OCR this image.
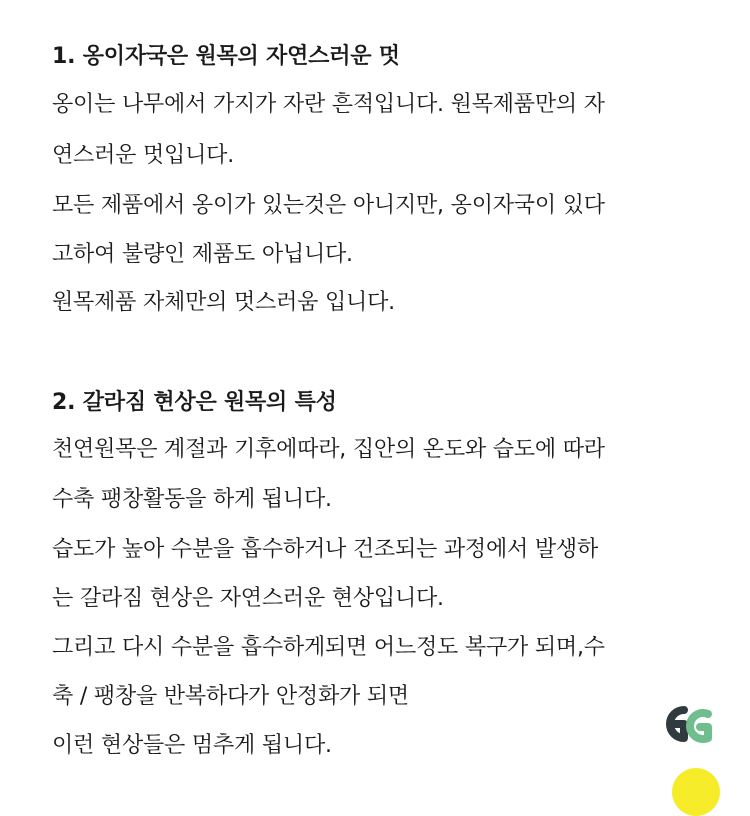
1. 옹이자국은 원목의 자연스러운 멋
옹이는 나무에서 가지가 자란 흔적입니다. 원목제품만의 자
연스러운 멋입니다.
모든 제품에서 옹이가 있는것은 아니지만, 옹이자국이 있다
고하여 불량인 제품도 아닙니다.
원목제품 자체만의 멋스러움 입니다.
2. 갈라짐 현상은 원목의 특성
천연원목은 계절과 기후에따라, 집안의 온도와 습도에 따라
수축 팽창활동을 하게 됩니다.
습도가 높아 수분을 흡수하거나 건조되는 과정에서 발생하
는 갈라짐 현상은 자연스러운 현상입니다.
그리고 다시 수분을 흡수하게되면 어느정도 복구가 되며,수
축 / 팽창을 반복하다가 안정화가 되면
이런 현상들은 멈추게 됩니다.
